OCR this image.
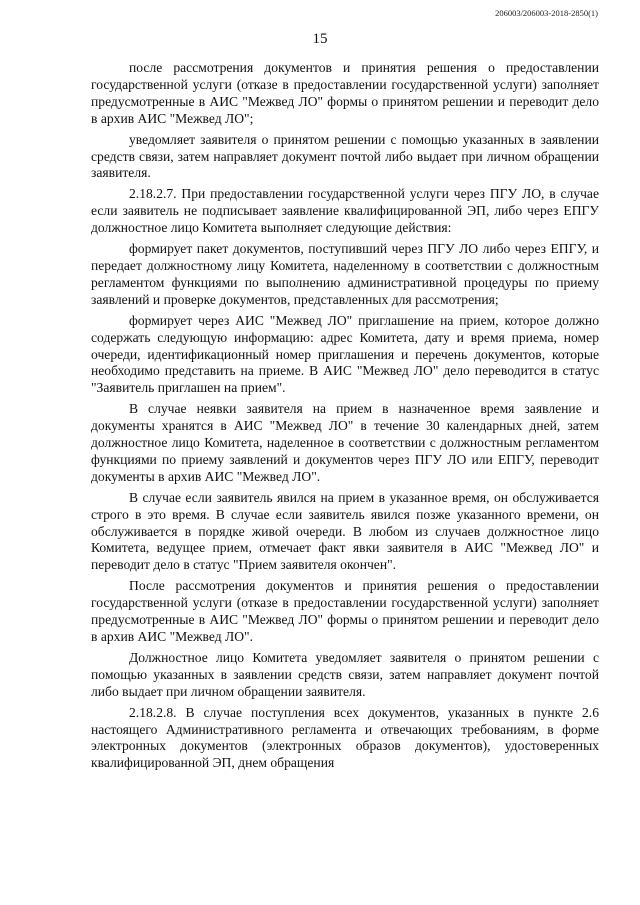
206003/206003-2018-2850(1)
15

после рассмотрения документов и принятия решения о предоставлении государственной услуги (отказе в предоставлении государственной услуги) заполняет предусмотренные в АИС "Межвед ЛО" формы о принятом решении и переводит дело в архив АИС "Межвед ЛО";

уведомляет заявителя о принятом решении с помощью указанных в заявлении средств связи, затем направляет документ почтой либо выдает при личном обращении заявителя.

2.18.2.7. При предоставлении государственной услуги через ПГУ ЛО, в случае если заявитель не подписывает заявление квалифицированной ЭП, либо через ЕПГУ должностное лицо Комитета выполняет следующие действия:

формирует пакет документов, поступивший через ПГУ ЛО либо через ЕПГУ, и передает должностному лицу Комитета, наделенному в соответствии с должностным регламентом функциями по выполнению административной процедуры по приему заявлений и проверке документов, представленных для рассмотрения;

формирует через АИС "Межвед ЛО" приглашение на прием, которое должно содержать следующую информацию: адрес Комитета, дату и время приема, номер очереди, идентификационный номер приглашения и перечень документов, которые необходимо представить на приеме. В АИС "Межвед ЛО" дело переводится в статус "Заявитель приглашен на прием".

В случае неявки заявителя на прием в назначенное время заявление и документы хранятся в АИС "Межвед ЛО" в течение 30 календарных дней, затем должностное лицо Комитета, наделенное в соответствии с должностным регламентом функциями по приему заявлений и документов через ПГУ ЛО или ЕПГУ, переводит документы в архив АИС "Межвед ЛО".

В случае если заявитель явился на прием в указанное время, он обслуживается строго в это время. В случае если заявитель явился позже указанного времени, он обслуживается в порядке живой очереди. В любом из случаев должностное лицо Комитета, ведущее прием, отмечает факт явки заявителя в АИС "Межвед ЛО" и переводит дело в статус "Прием заявителя окончен".

После рассмотрения документов и принятия решения о предоставлении государственной услуги (отказе в предоставлении государственной услуги) заполняет предусмотренные в АИС "Межвед ЛО" формы о принятом решении и переводит дело в архив АИС "Межвед ЛО".

Должностное лицо Комитета уведомляет заявителя о принятом решении с помощью указанных в заявлении средств связи, затем направляет документ почтой либо выдает при личном обращении заявителя.

2.18.2.8. В случае поступления всех документов, указанных в пункте 2.6 настоящего Административного регламента и отвечающих требованиям, в форме электронных документов (электронных образов документов), удостоверенных квалифицированной ЭП, днем обращения
